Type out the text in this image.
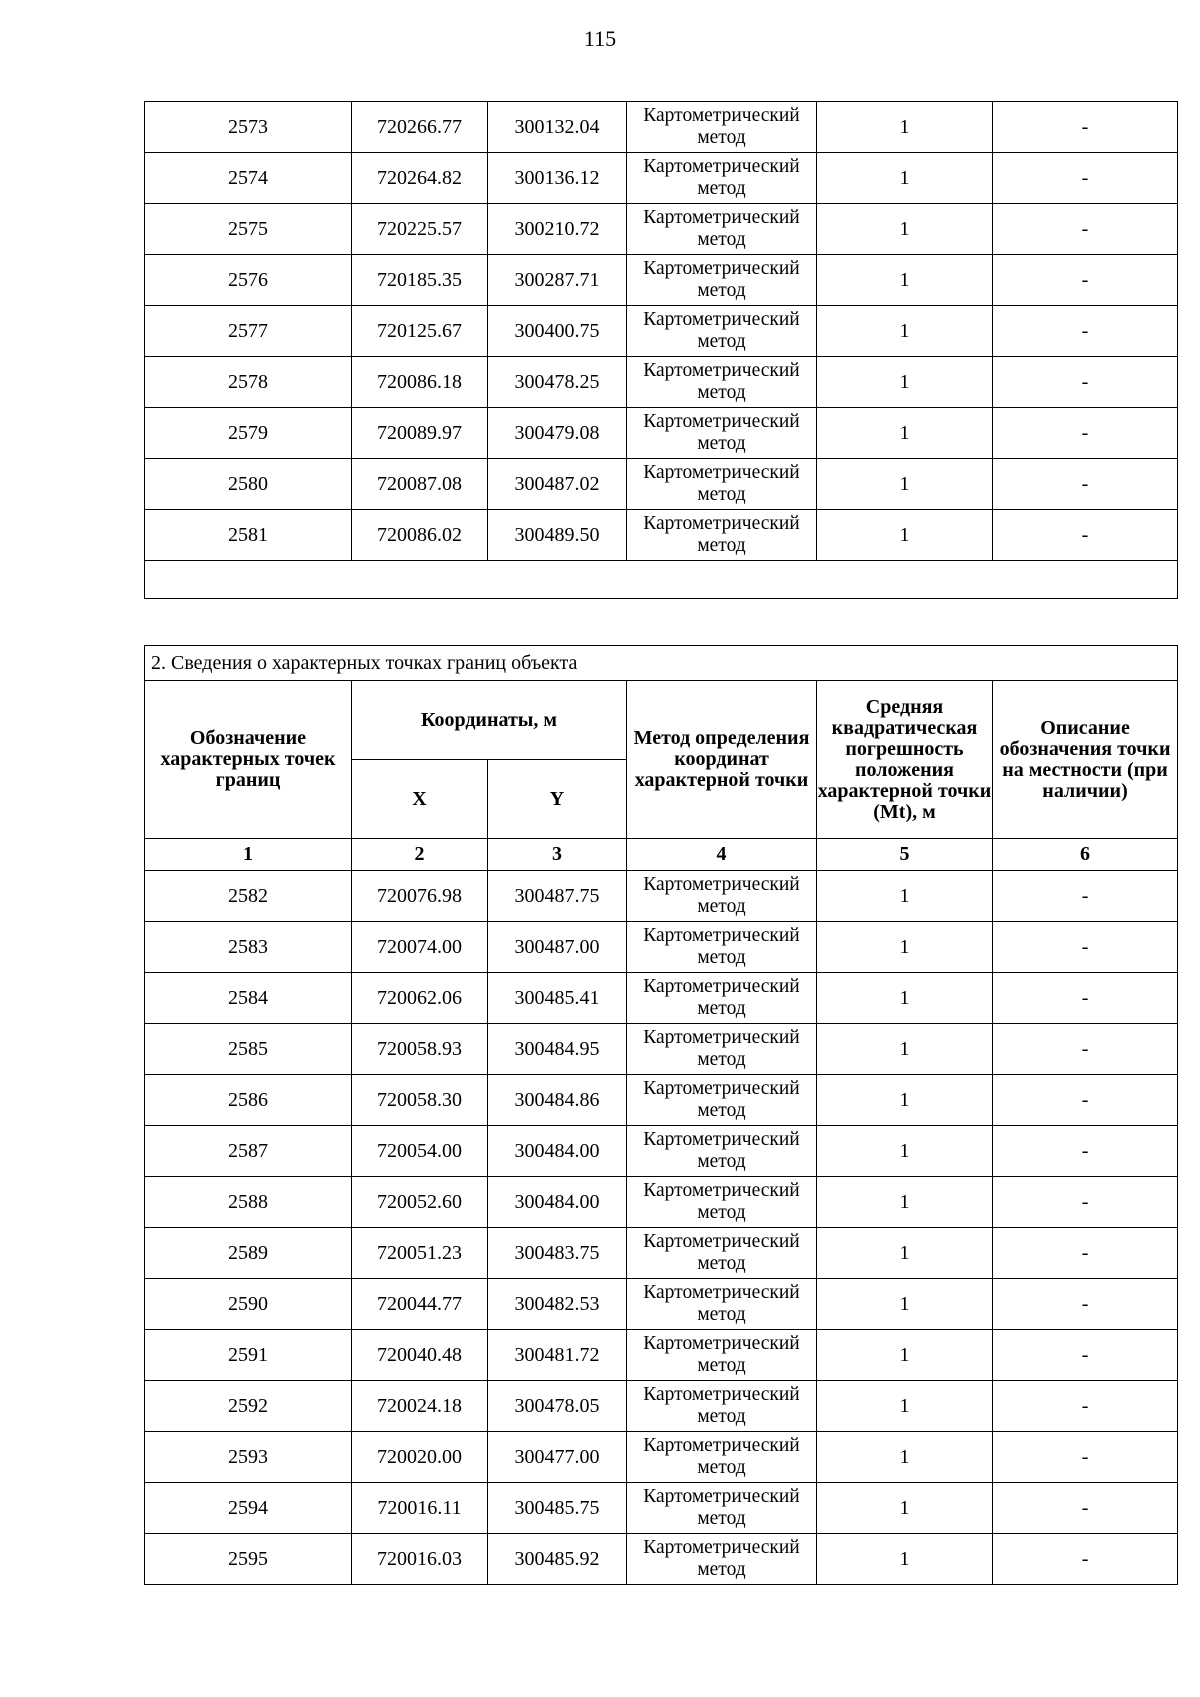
115
2573	720266.77	300132.04	Картометрический метод	1	-
2574	720264.82	300136.12	Картометрический метод	1	-
2575	720225.57	300210.72	Картометрический метод	1	-
2576	720185.35	300287.71	Картометрический метод	1	-
2577	720125.67	300400.75	Картометрический метод	1	-
2578	720086.18	300478.25	Картометрический метод	1	-
2579	720089.97	300479.08	Картометрический метод	1	-
2580	720087.08	300487.02	Картометрический метод	1	-
2581	720086.02	300489.50	Картометрический метод	1	-

2. Сведения о характерных точках границ объекта					
Обозначение характерных точек границ	Координаты, м		Метод определения координат характерной точки	Средняя квадратическая погрешность положения характерной точки (Mt), м	Описание обозначения точки на местности (при наличии)
	X	Y			
1	2	3	4	5	6
2582	720076.98	300487.75	Картометрический метод	1	-
2583	720074.00	300487.00	Картометрический метод	1	-
2584	720062.06	300485.41	Картометрический метод	1	-
2585	720058.93	300484.95	Картометрический метод	1	-
2586	720058.30	300484.86	Картометрический метод	1	-
2587	720054.00	300484.00	Картометрический метод	1	-
2588	720052.60	300484.00	Картометрический метод	1	-
2589	720051.23	300483.75	Картометрический метод	1	-
2590	720044.77	300482.53	Картометрический метод	1	-
2591	720040.48	300481.72	Картометрический метод	1	-
2592	720024.18	300478.05	Картометрический метод	1	-
2593	720020.00	300477.00	Картометрический метод	1	-
2594	720016.11	300485.75	Картометрический метод	1	-
2595	720016.03	300485.92	Картометрический метод	1	-
